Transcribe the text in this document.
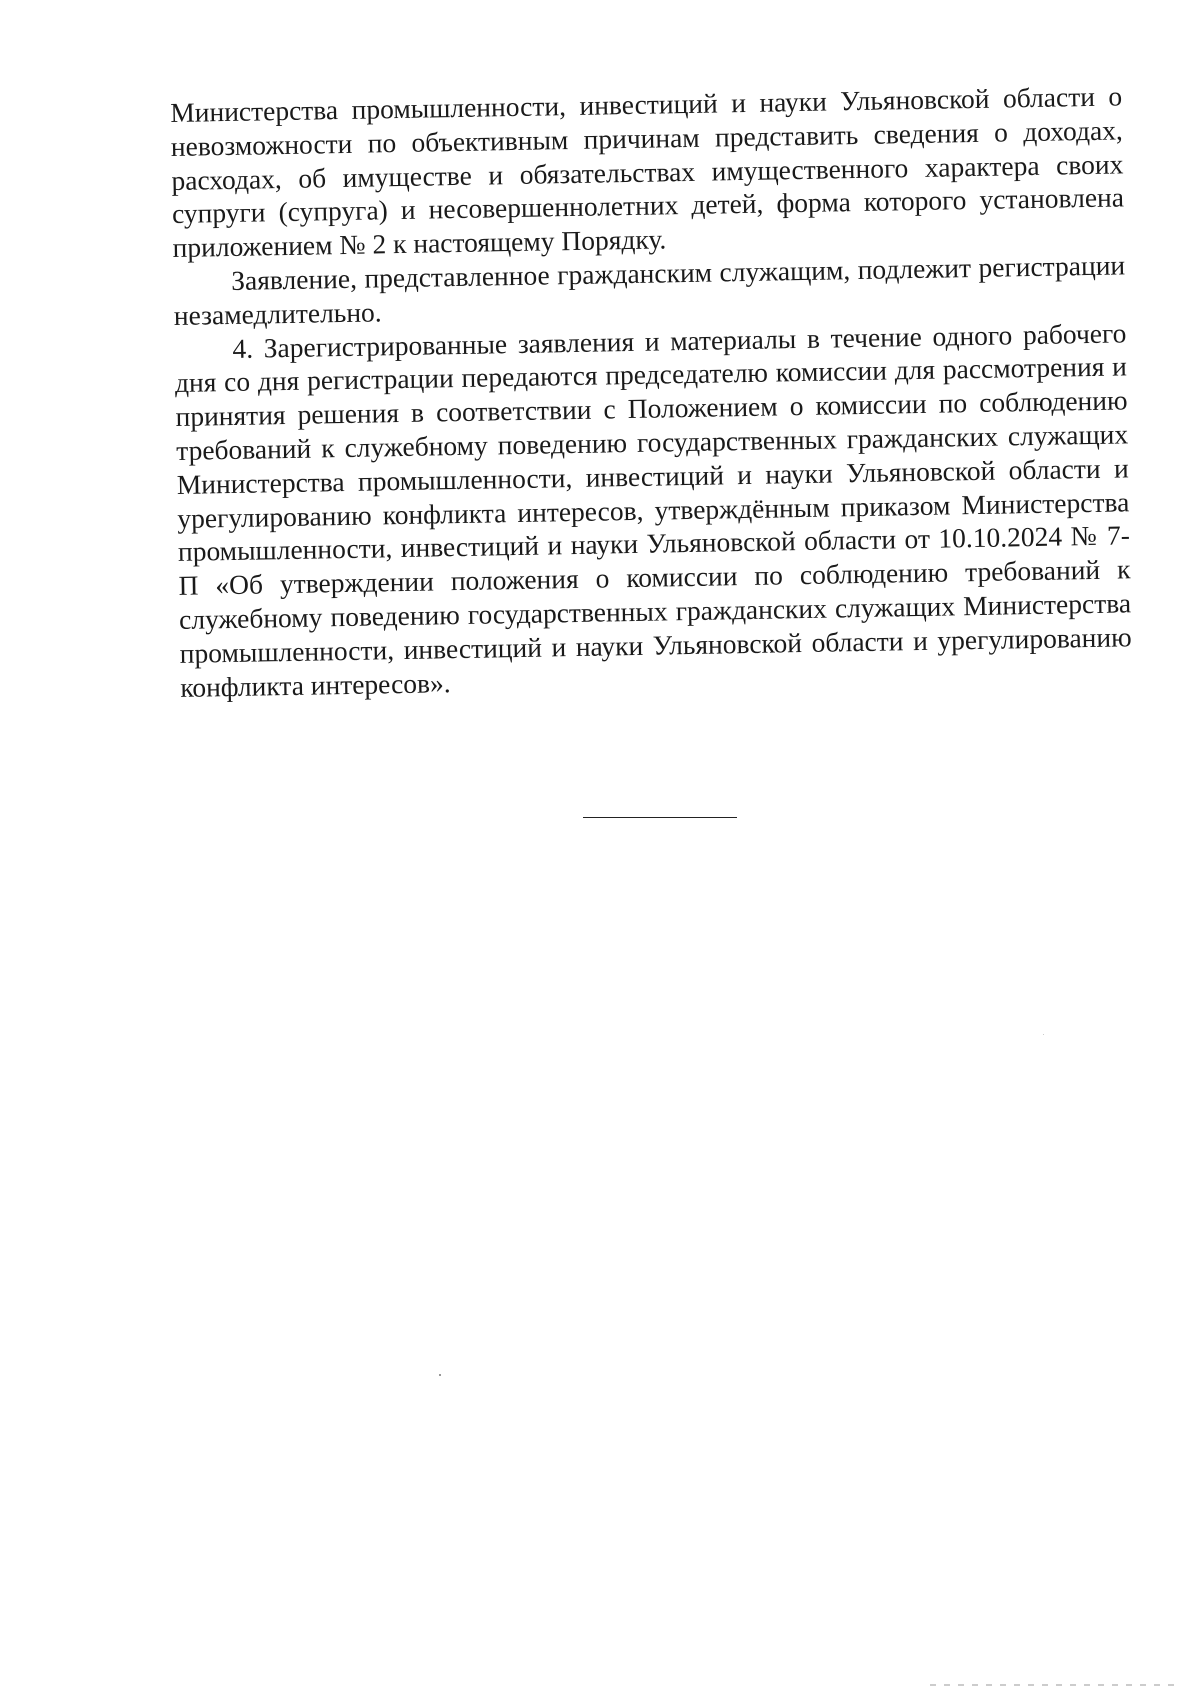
Министерства промышленности, инвестиций и науки Ульяновской области о невозможности по объективным причинам представить сведения о доходах, расходах, об имуществе и обязательствах имущественного характера своих супруги (супруга) и несовершеннолетних детей, форма которого установлена приложением № 2 к настоящему Порядку.

Заявление, представленное гражданским служащим, подлежит регистрации незамедлительно.

4. Зарегистрированные заявления и материалы в течение одного рабочего дня со дня регистрации передаются председателю комиссии для рассмотрения и принятия решения в соответствии с Положением о комиссии по соблюдению требований к служебному поведению государственных гражданских служащих Министерства промышленности, инвестиций и науки Ульяновской области и урегулированию конфликта интересов, утверждённым приказом Министерства промышленности, инвестиций и науки Ульяновской области от 10.10.2024 № 7-П «Об утверждении положения о комиссии по соблюдению требований к служебному поведению государственных гражданских служащих Министерства промышленности, инвестиций и науки Ульяновской области и урегулированию конфликта интересов».
